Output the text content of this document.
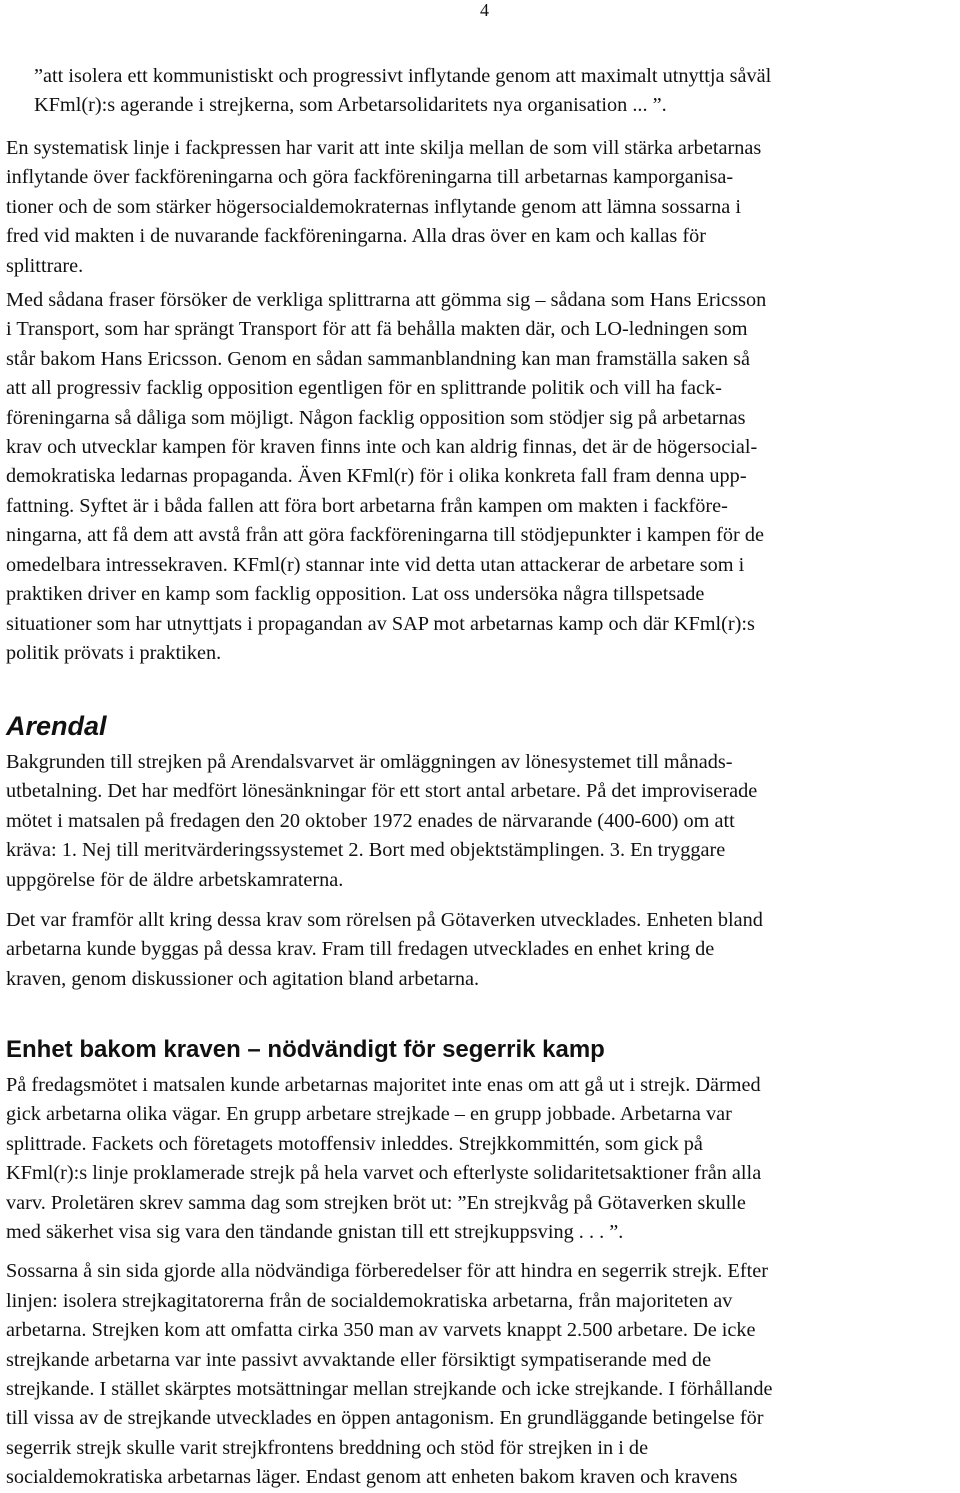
4

”att isolera ett kommunistiskt och progressivt inflytande genom att maximalt utnyttja såväl
KFml(r):s agerande i strejkerna, som Arbetarsolidaritets nya organisation ... ”.

En systematisk linje i fackpressen har varit att inte skilja mellan de som vill stärka arbetarnas
inflytande över fackföreningarna och göra fackföreningarna till arbetarnas kamporganisa-
tioner och de som stärker högersocialdemokraternas inflytande genom att lämna sossarna i
fred vid makten i de nuvarande fackföreningarna. Alla dras över en kam och kallas för
splittrare.

Med sådana fraser försöker de verkliga splittrarna att gömma sig – sådana som Hans Ericsson
i Transport, som har sprängt Transport för att fä behålla makten där, och LO-ledningen som
står bakom Hans Ericsson. Genom en sådan sammanblandning kan man framställa saken så
att all progressiv facklig opposition egentligen för en splittrande politik och vill ha fack-
föreningarna så dåliga som möjligt. Någon facklig opposition som stödjer sig på arbetarnas
krav och utvecklar kampen för kraven finns inte och kan aldrig finnas, det är de högersocial-
demokratiska ledarnas propaganda. Även KFml(r) för i olika konkreta fall fram denna upp-
fattning. Syftet är i båda fallen att föra bort arbetarna från kampen om makten i fackföre-
ningarna, att få dem att avstå från att göra fackföreningarna till stödjepunkter i kampen för de
omedelbara intressekraven. KFml(r) stannar inte vid detta utan attackerar de arbetare som i
praktiken driver en kamp som facklig opposition. Lat oss undersöka några tillspetsade
situationer som har utnyttjats i propagandan av SAP mot arbetarnas kamp och där KFml(r):s
politik prövats i praktiken.

Arendal

Bakgrunden till strejken på Arendalsvarvet är omläggningen av lönesystemet till månads-
utbetalning. Det har medfört lönesänkningar för ett stort antal arbetare. På det improviserade
mötet i matsalen på fredagen den 20 oktober 1972 enades de närvarande (400-600) om att
kräva: 1. Nej till meritvärderingssystemet 2. Bort med objektstämplingen. 3. En tryggare
uppgörelse för de äldre arbetskamraterna.

Det var framför allt kring dessa krav som rörelsen på Götaverken utvecklades. Enheten bland
arbetarna kunde byggas på dessa krav. Fram till fredagen utvecklades en enhet kring de
kraven, genom diskussioner och agitation bland arbetarna.

Enhet bakom kraven – nödvändigt för segerrik kamp

På fredagsmötet i matsalen kunde arbetarnas majoritet inte enas om att gå ut i strejk. Därmed
gick arbetarna olika vägar. En grupp arbetare strejkade – en grupp jobbade. Arbetarna var
splittrade. Fackets och företagets motoffensiv inleddes. Strejkkommittén, som gick på
KFml(r):s linje proklamerade strejk på hela varvet och efterlyste solidaritetsaktioner från alla
varv. Proletären skrev samma dag som strejken bröt ut: ”En strejkvåg på Götaverken skulle
med säkerhet visa sig vara den tändande gnistan till ett strejkuppsving . . . ”.

Sossarna å sin sida gjorde alla nödvändiga förberedelser för att hindra en segerrik strejk. Efter
linjen: isolera strejkagitatorerna från de socialdemokratiska arbetarna, från majoriteten av
arbetarna. Strejken kom att omfatta cirka 350 man av varvets knappt 2.500 arbetare. De icke
strejkande arbetarna var inte passivt avvaktande eller försiktigt sympatiserande med de
strejkande. I stället skärptes motsättningar mellan strejkande och icke strejkande. I förhållande
till vissa av de strejkande utvecklades en öppen antagonism. En grundläggande betingelse för
segerrik strejk skulle varit strejkfrontens breddning och stöd för strejken in i de
socialdemokratiska arbetarnas läger. Endast genom att enheten bakom kraven och kravens
